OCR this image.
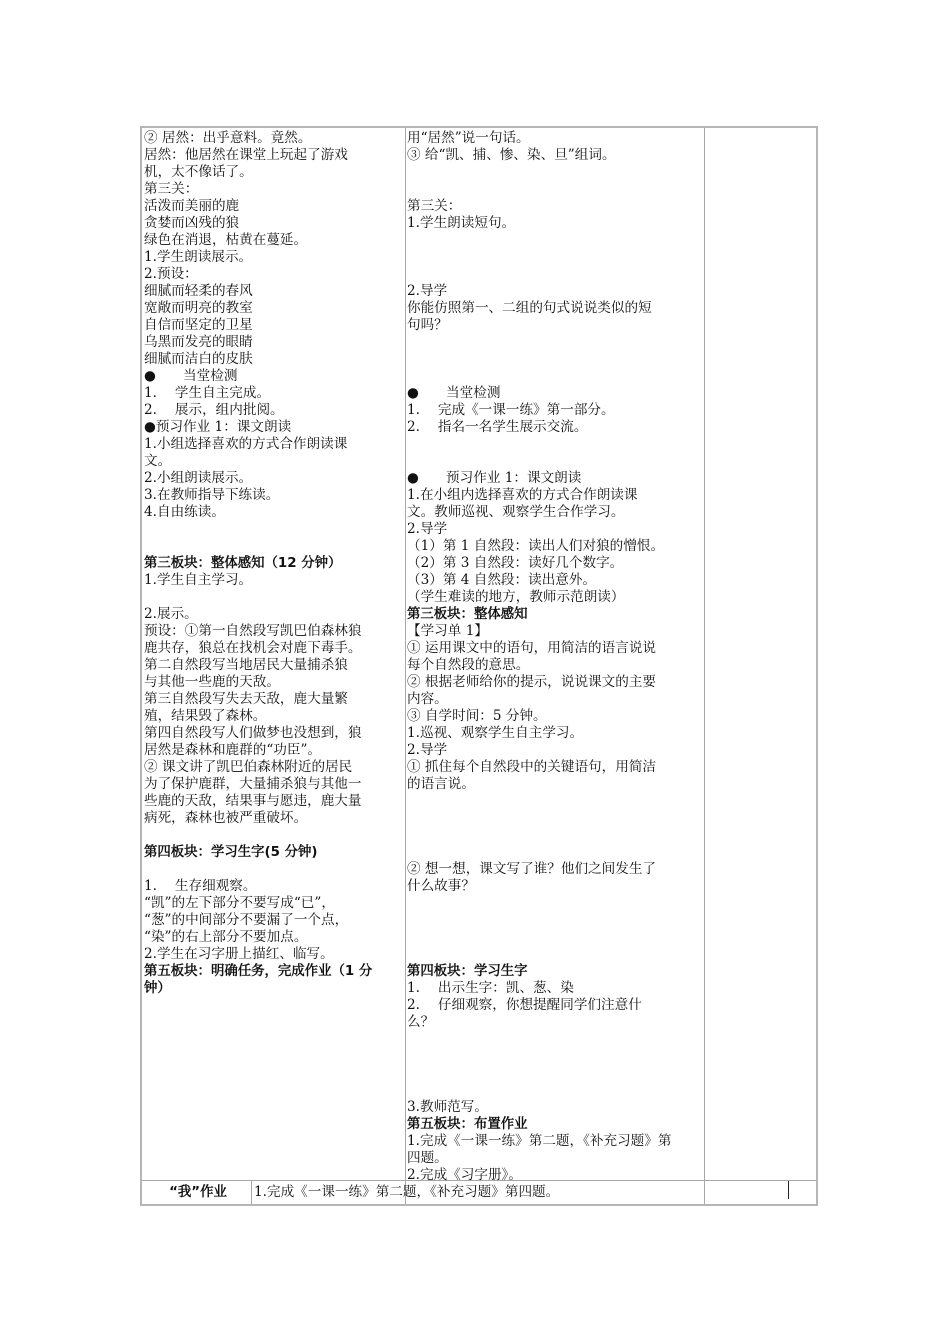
② 居然：出乎意料。竟然。
居然：他居然在课堂上玩起了游戏
机，太不像话了。
第三关：
活泼而美丽的鹿
贪婪而凶残的狼
绿色在消退，枯黄在蔓延。
1.学生朗读展示。
2.预设：
细腻而轻柔的春风
宽敞而明亮的教室
自信而坚定的卫星
乌黑而发亮的眼睛
细腻而洁白的皮肤
●　　当堂检测
1.　 学生自主完成。
2.　 展示，组内批阅。
●预习作业 1：课文朗读
1.小组选择喜欢的方式合作朗读课
文。
2.小组朗读展示。
3.在教师指导下练读。
4.自由练读。
第三板块：整体感知（12 分钟）
1.学生自主学习。
2.展示。
预设：①第一自然段写凯巴伯森林狼
鹿共存，狼总在找机会对鹿下毒手。
第二自然段写当地居民大量捕杀狼
与其他一些鹿的天敌。
第三自然段写失去天敌，鹿大量繁
殖，结果毁了森林。
第四自然段写人们做梦也没想到，狼
居然是森林和鹿群的“功臣”。
② 课文讲了凯巴伯森林附近的居民
为了保护鹿群，大量捕杀狼与其他一
些鹿的天敌，结果事与愿违，鹿大量
病死，森林也被严重破坏。
第四板块：学习生字(5 分钟)
1.　 生存细观察。
“凯”的左下部分不要写成“已”，
“葱”的中间部分不要漏了一个点，
“染”的右上部分不要加点。
2.学生在习字册上描红、临写。
第五板块：明确任务，完成作业（1 分
钟）
用“居然”说一句话。
③ 给“凯、捕、惨、染、旦”组词。
第三关：
1.学生朗读短句。
2.导学
你能仿照第一、二组的句式说说类似的短
句吗？
●　　当堂检测
1.　 完成《一课一练》第一部分。
2.　 指名一名学生展示交流。
●　　预习作业 1：课文朗读
1.在小组内选择喜欢的方式合作朗读课
文。教师巡视、观察学生合作学习。
2.导学
（1）第 1 自然段：读出人们对狼的憎恨。
（2）第 3 自然段：读好几个数字。
（3）第 4 自然段：读出意外。
（学生难读的地方，教师示范朗读）
第三板块：整体感知
【学习单 1】
① 运用课文中的语句，用简洁的语言说说
每个自然段的意思。
② 根据老师给你的提示，说说课文的主要
内容。
③ 自学时间：5 分钟。
1.巡视、观察学生自主学习。
2.导学
① 抓住每个自然段中的关键语句，用简洁
的语言说。
② 想一想，课文写了谁？他们之间发生了
什么故事？
第四板块：学习生字
1.　 出示生字：凯、葱、染
2.　 仔细观察，你想提醒同学们注意什
么？
3.教师范写。
第五板块：布置作业
1.完成《一课一练》第二题，《补充习题》第
四题。
2.完成《习字册》。
“我”作业	1.完成《一课一练》第二题，《补充习题》第四题。
